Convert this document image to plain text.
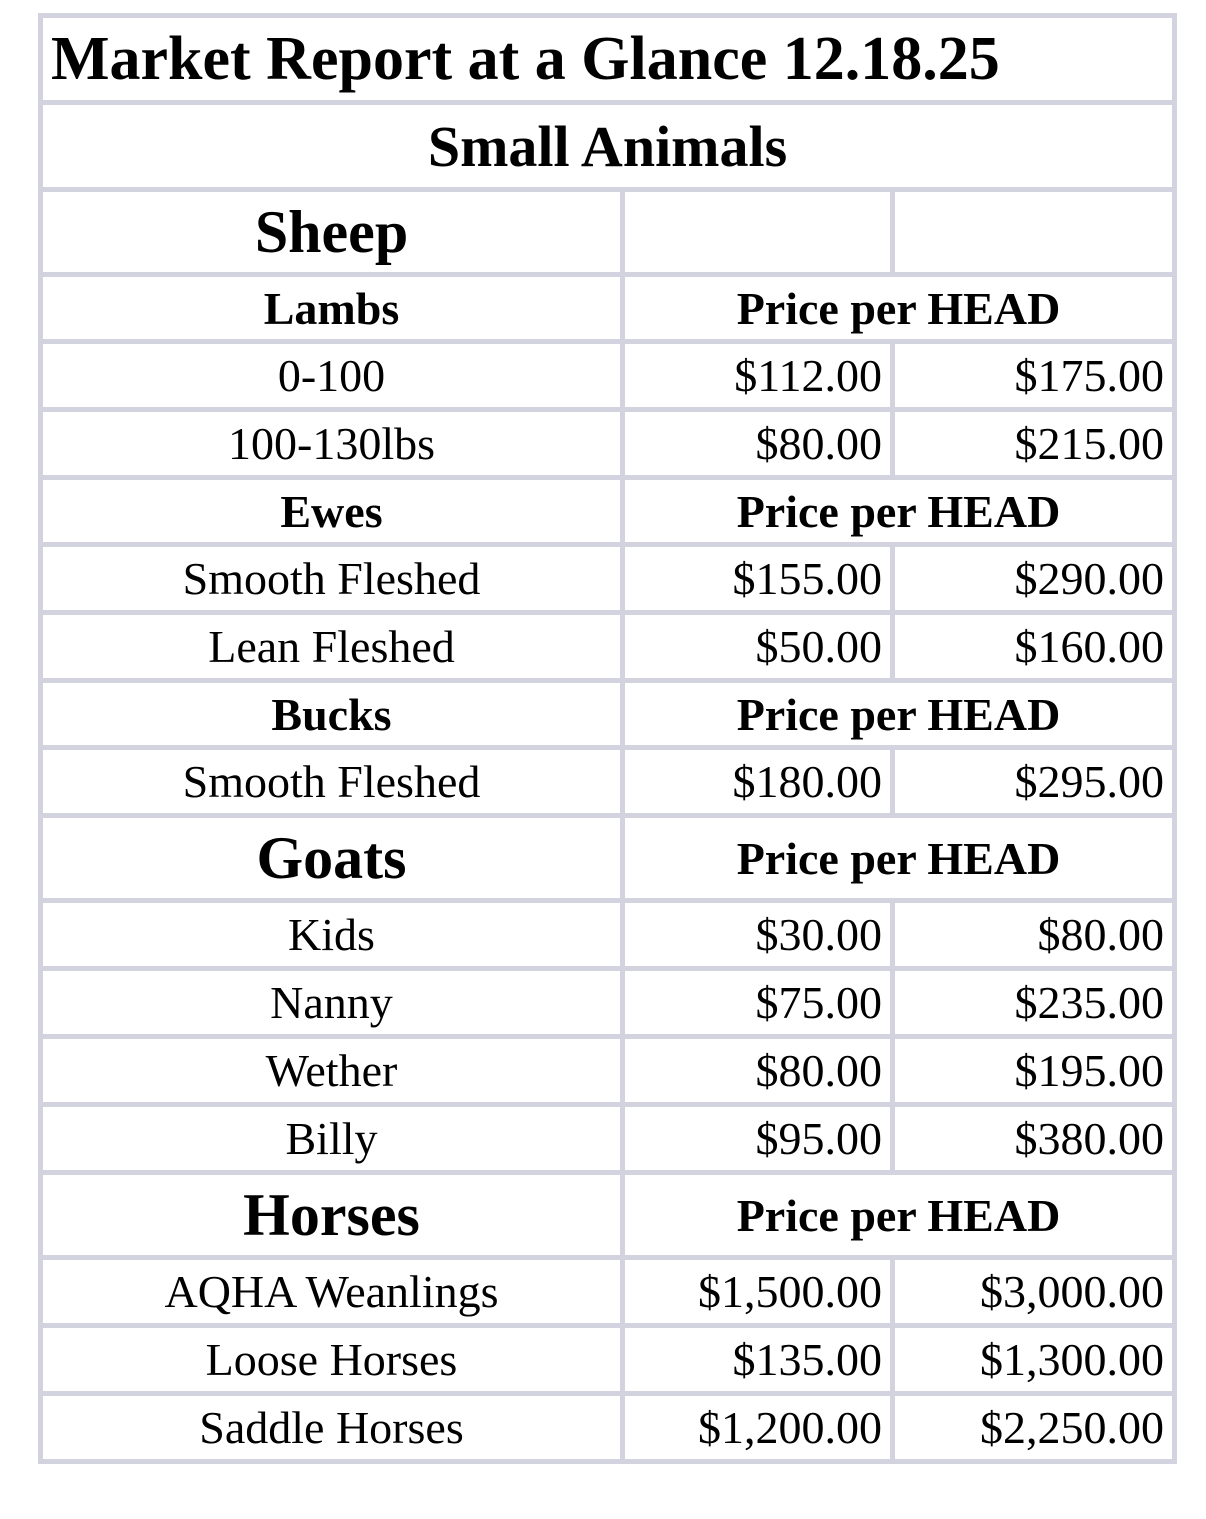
Market Report at a Glance 12.18.25		
Small Animals		
Sheep		
Lambs	Price per HEAD	
0-100	$112.00	$175.00
100-130lbs	$80.00	$215.00
Ewes	Price per HEAD	
Smooth Fleshed	$155.00	$290.00
Lean Fleshed	$50.00	$160.00
Bucks	Price per HEAD	
Smooth Fleshed	$180.00	$295.00
Goats	Price per HEAD	
Kids	$30.00	$80.00
Nanny	$75.00	$235.00
Wether	$80.00	$195.00
Billy	$95.00	$380.00
Horses	Price per HEAD	
AQHA Weanlings	$1,500.00	$3,000.00
Loose Horses	$135.00	$1,300.00
Saddle Horses	$1,200.00	$2,250.00
